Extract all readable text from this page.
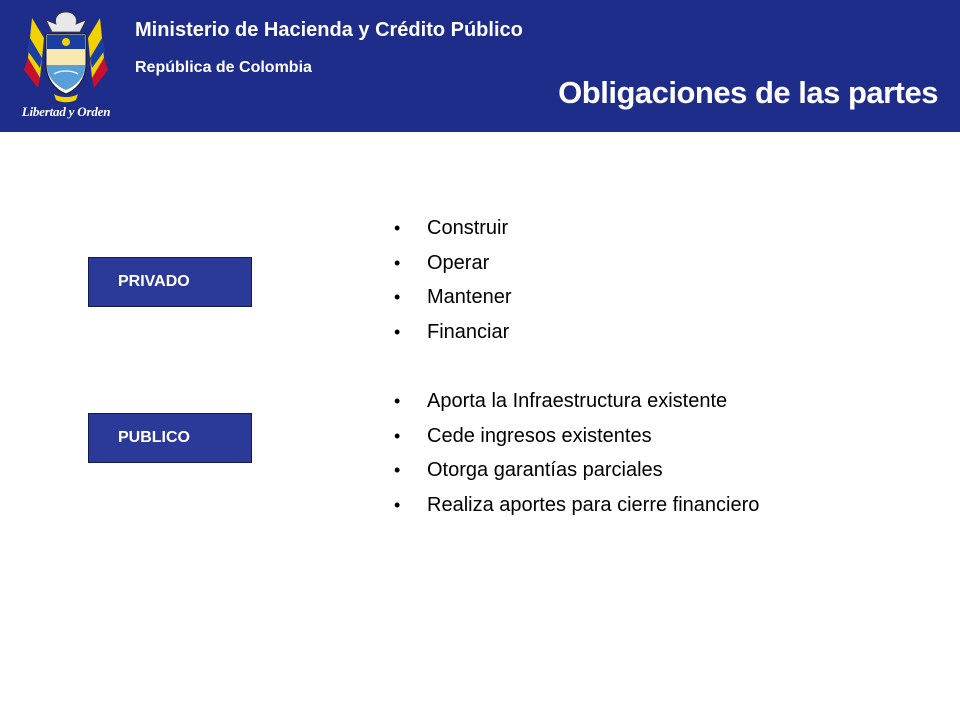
Libertad y Orden
Ministerio de Hacienda y Crédito Público
República de Colombia
Obligaciones de las partes
PRIVADO
• Construir
• Operar
• Mantener
• Financiar
PUBLICO
• Aporta la Infraestructura existente
• Cede ingresos existentes
• Otorga garantías parciales
• Realiza aportes para cierre financiero
